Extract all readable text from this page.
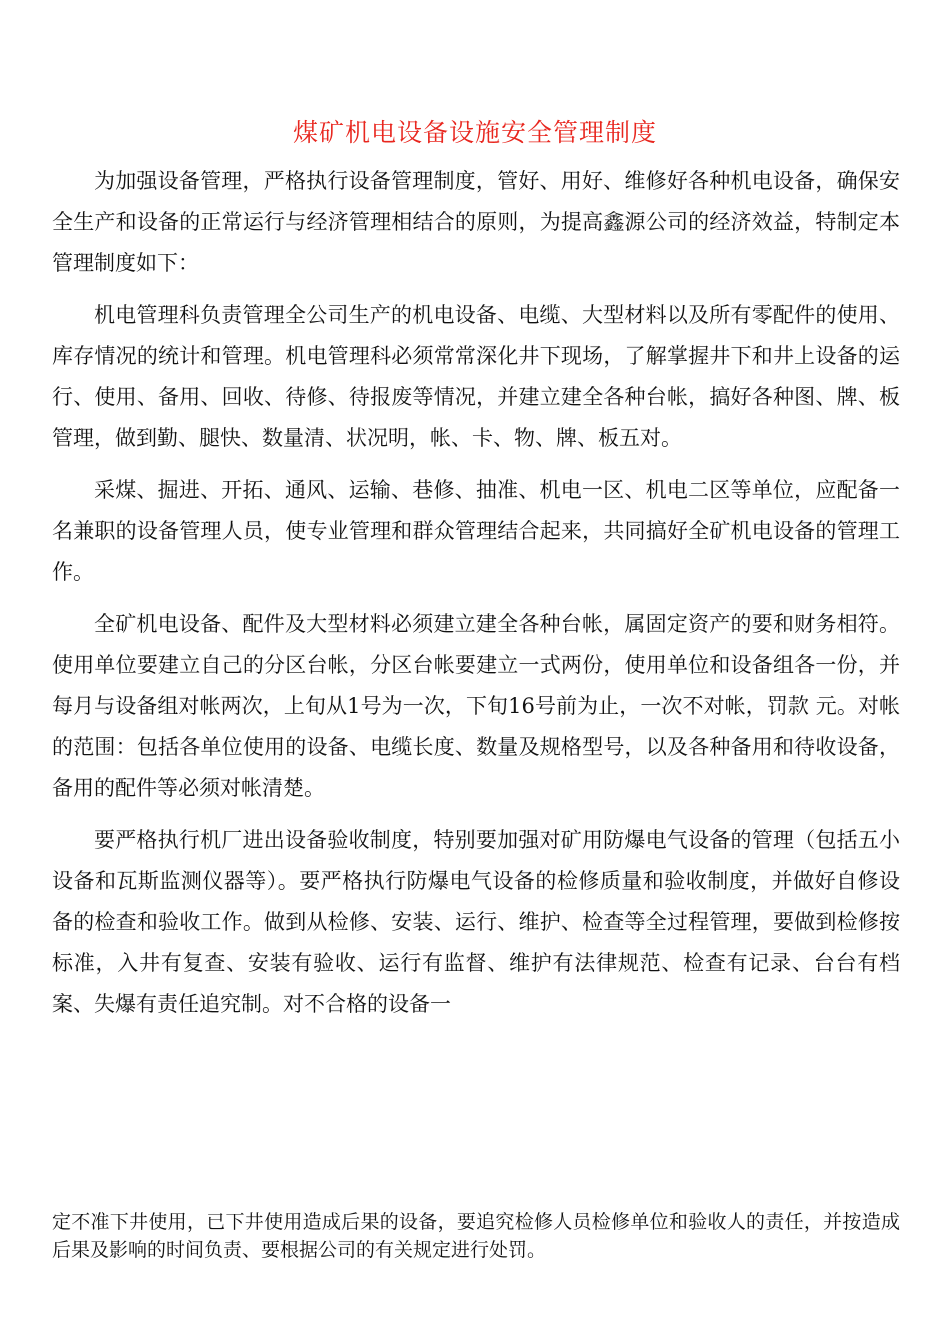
煤矿机电设备设施安全管理制度

为加强设备管理，严格执行设备管理制度，管好、用好、维修好各种机电设备，确保安全生产和设备的正常运行与经济管理相结合的原则，为提高鑫源公司的经济效益，特制定本管理制度如下：

机电管理科负责管理全公司生产的机电设备、电缆、大型材料以及所有零配件的使用、库存情况的统计和管理。机电管理科必须常常深化井下现场，了解掌握井下和井上设备的运行、使用、备用、回收、待修、待报废等情况，并建立建全各种台帐，搞好各种图、牌、板管理，做到勤、腿快、数量清、状况明，帐、卡、物、牌、板五对。

采煤、掘进、开拓、通风、运输、巷修、抽准、机电一区、机电二区等单位，应配备一名兼职的设备管理人员，使专业管理和群众管理结合起来，共同搞好全矿机电设备的管理工作。

全矿机电设备、配件及大型材料必须建立建全各种台帐，属固定资产的要和财务相符。使用单位要建立自己的分区台帐，分区台帐要建立一式两份，使用单位和设备组各一份，并每月与设备组对帐两次，上旬从1号为一次，下旬16号前为止，一次不对帐，罚款 元。对帐的范围：包括各单位使用的设备、电缆长度、数量及规格型号，以及各种备用和待收设备，备用的配件等必须对帐清楚。

要严格执行机厂进出设备验收制度，特别要加强对矿用防爆电气设备的管理（包括五小设备和瓦斯监测仪器等）。要严格执行防爆电气设备的检修质量和验收制度，并做好自修设备的检查和验收工作。做到从检修、安装、运行、维护、检查等全过程管理，要做到检修按标准，入井有复查、安装有验收、运行有监督、维护有法律规范、检查有记录、台台有档案、失爆有责任追究制。对不合格的设备一

定不准下井使用，已下井使用造成后果的设备，要追究检修人员检修单位和验收人的责任，并按造成后果及影响的时间负责、要根据公司的有关规定进行处罚。
